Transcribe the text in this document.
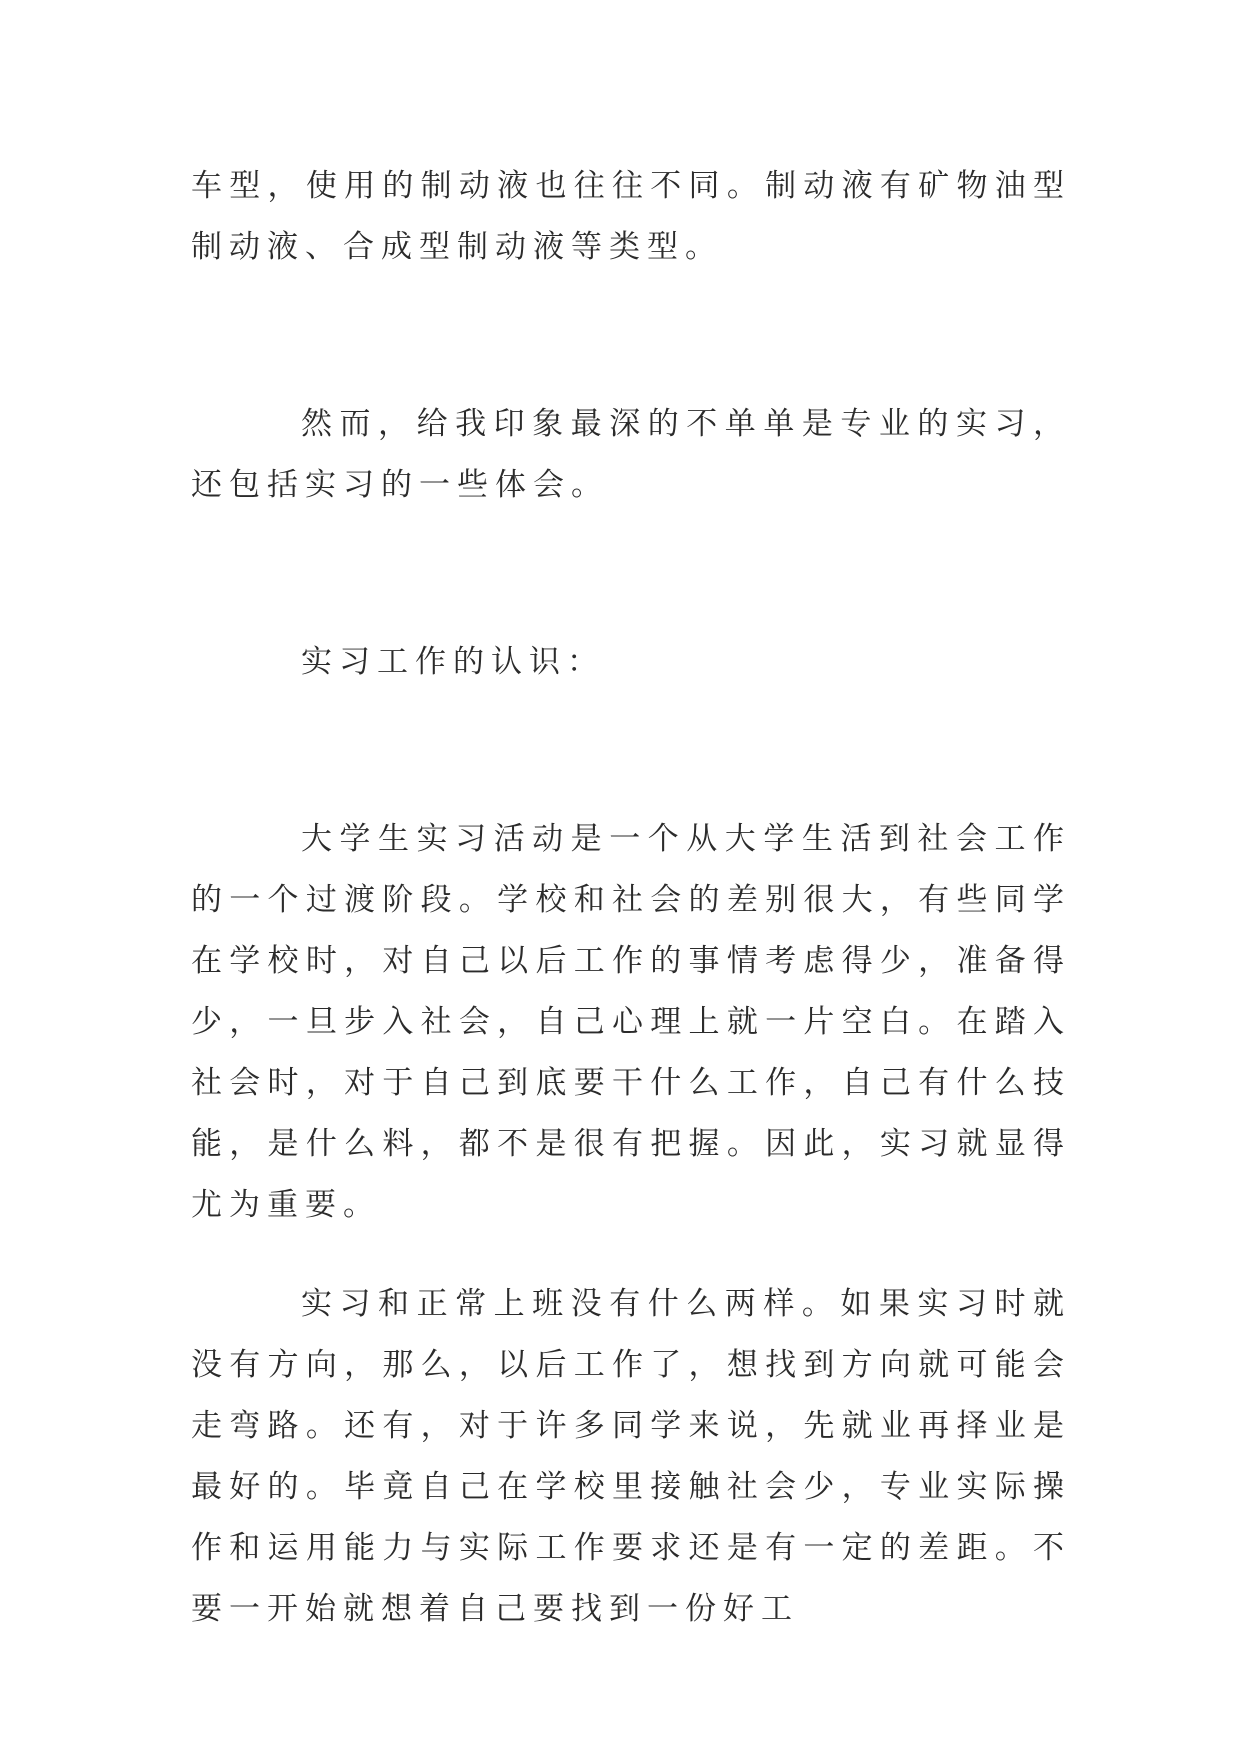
车型，使用的制动液也往往不同。制动液有矿物油型制动液、合成型制动液等类型。

然而，给我印象最深的不单单是专业的实习，还包括实习的一些体会。

实习工作的认识：

大学生实习活动是一个从大学生活到社会工作的一个过渡阶段。学校和社会的差别很大，有些同学在学校时，对自己以后工作的事情考虑得少，准备得少，一旦步入社会，自己心理上就一片空白。在踏入社会时，对于自己到底要干什么工作，自己有什么技能，是什么料，都不是很有把握。因此，实习就显得尤为重要。

实习和正常上班没有什么两样。如果实习时就没有方向，那么，以后工作了，想找到方向就可能会走弯路。还有，对于许多同学来说，先就业再择业是最好的。毕竟自己在学校里接触社会少，专业实际操作和运用能力与实际工作要求还是有一定的差距。不要一开始就想着自己要找到一份好工
